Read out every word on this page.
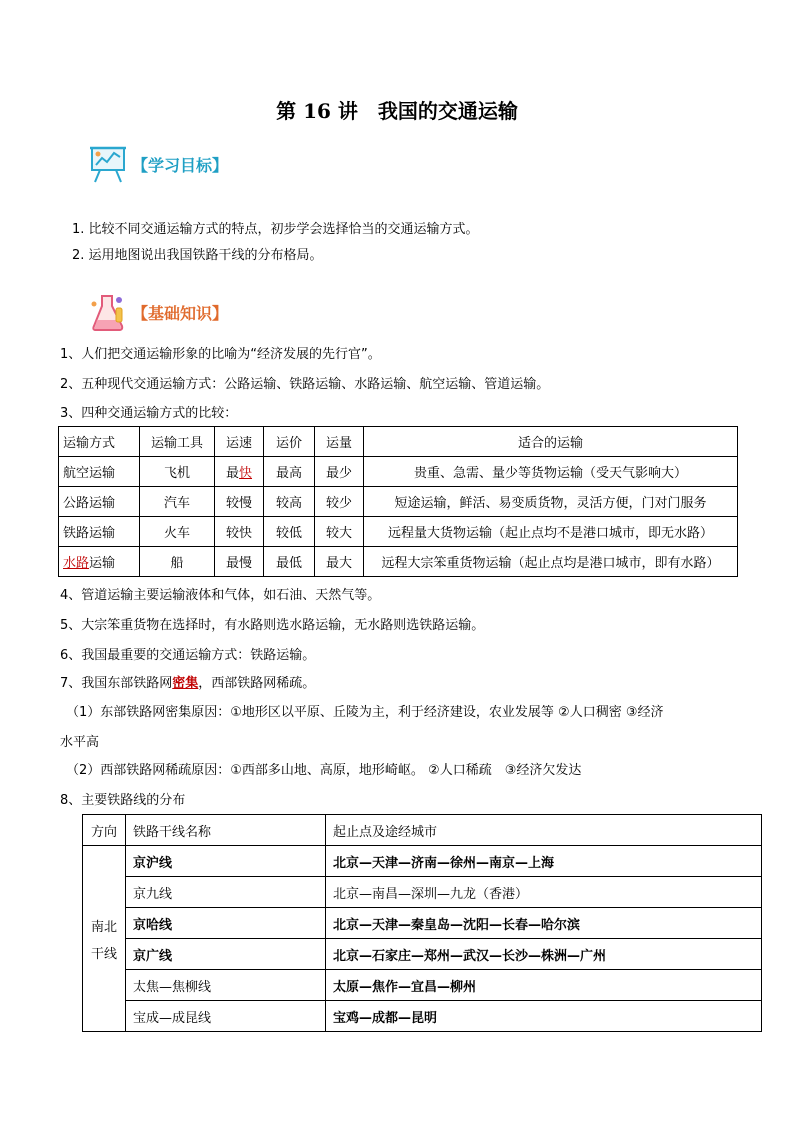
第 16 讲　我国的交通运输
【学习目标】
1. 比较不同交通运输方式的特点，初步学会选择恰当的交通运输方式。
2. 运用地图说出我国铁路干线的分布格局。
【基础知识】
1、人们把交通运输形象的比喻为“经济发展的先行官”。
2、五种现代交通运输方式：公路运输、铁路运输、水路运输、航空运输、管道运输。
3、四种交通运输方式的比较：
运输方式	运输工具	运速	运价	运量	适合的运输
航空运输	飞机	最快	最高	最少	贵重、急需、量少等货物运输（受天气影响大）
公路运输	汽车	较慢	较高	较少	短途运输，鲜活、易变质货物，灵活方便，门对门服务
铁路运输	火车	较快	较低	较大	远程量大货物运输（起止点均不是港口城市，即无水路）
水路运输	船	最慢	最低	最大	远程大宗笨重货物运输（起止点均是港口城市，即有水路）
4、管道运输主要运输液体和气体，如石油、天然气等。
5、大宗笨重货物在选择时，有水路则选水路运输，无水路则选铁路运输。
6、我国最重要的交通运输方式：铁路运输。
7、我国东部铁路网密集，西部铁路网稀疏。
（1）东部铁路网密集原因：①地形区以平原、丘陵为主，利于经济建设，农业发展等 ②人口稠密 ③经济
水平高
（2）西部铁路网稀疏原因：①西部多山地、高原，地形崎岖。 ②人口稀疏　③经济欠发达
8、主要铁路线的分布
方向	铁路干线名称	起止点及途经城市

南北
干线	京沪线	北京—天津—济南—徐州—南京—上海
	京九线	北京—南昌—深圳—九龙（香港）
	京哈线	北京—天津—秦皇岛—沈阳—长春—哈尔滨
	京广线	北京—石家庄—郑州—武汉—长沙—株洲—广州
	太焦—焦柳线	太原—焦作—宜昌—柳州
	宝成—成昆线	宝鸡—成都—昆明
